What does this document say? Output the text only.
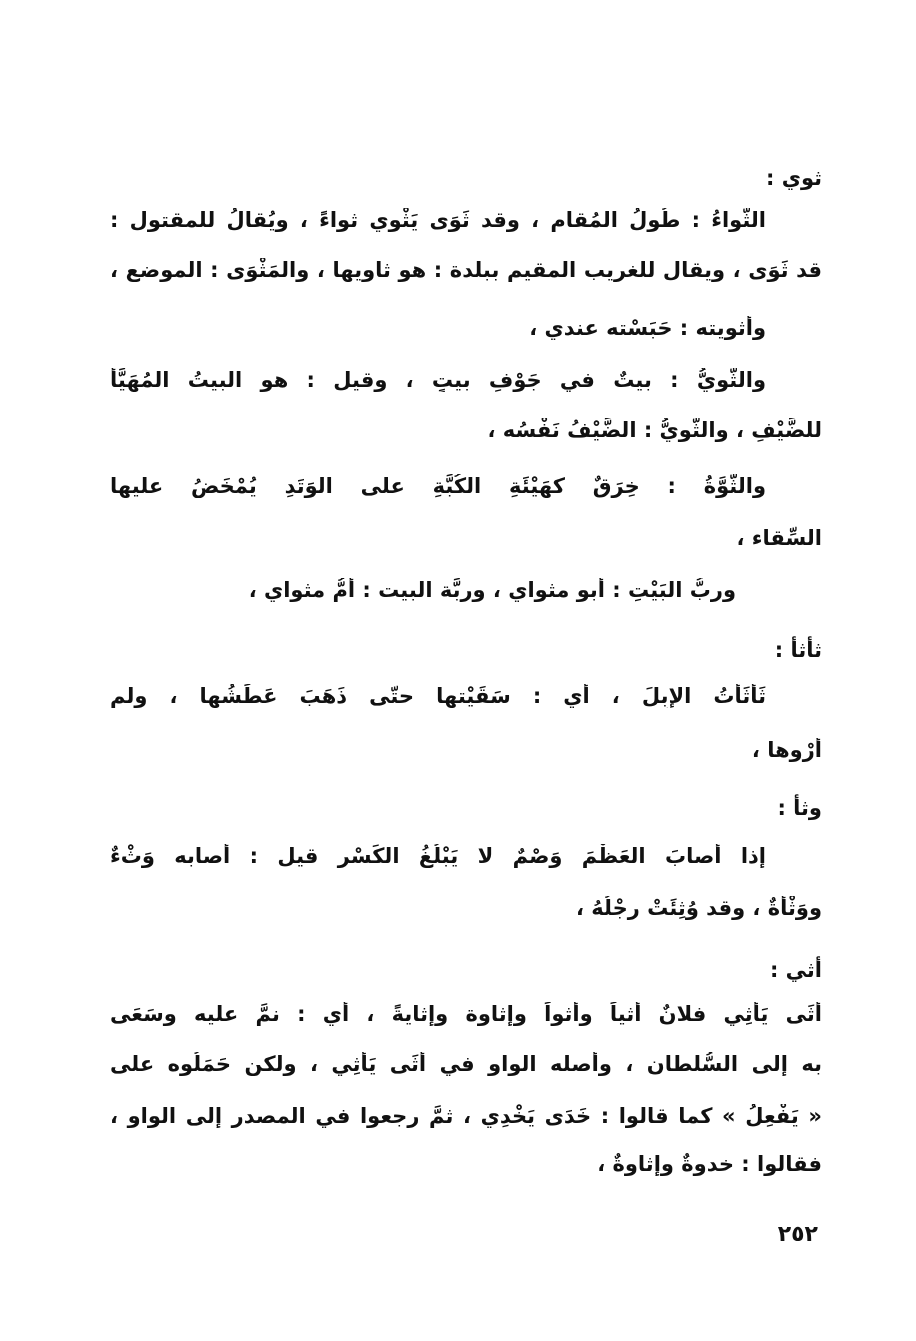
ثوي :
الثَّواءُ : طُولُ المُقام ، وقد ثَوَى يَثْوِي ثواءً ، ويُقالُ للمقتول :
قد ثَوَى ، ويقال للغريب المقيم ببلدة : هو ثاويها ، والمَثْوَى : الموضع ،
وأثويته : حَبَسْته عندي ،
والثَّوِيُّ : بيتٌ في جَوْفِ بيتٍ ، وقيل : هو البيتُ المُهَيَّأُ
للضَّيْفِ ، والثَّوِيُّ : الضَّيْفُ نَفْسُه ،
والثُّوَّةُ : خِرَقٌ كهَيْئَةِ الكُبَّةِ على الوَتَدِ يُمْخَضُ عليها
السِّقاء ،
وربُّ البَيْتِ : أبو مثواي ، وربَّة البيت : أمُّ مثواي ،
ثأثأ :
ثَأْثَأْتُ الإبِلَ ، أي : سَقَيْتها حتّى ذَهَبَ عَطَشُها ، ولم
أُرْوِها ،
وثأ :
إذا أصابَ العَظْمَ وَصْمٌ لا يَبْلُغُ الكَسْر قيل : أصابه وَثْءٌ
ووَثْأَةٌ ، وقد وُثِئَتْ رِجْلُهُ ،
أثي :
أَثَى يَأْثِي فلانٌ أثياً وأثواً وإثاوة وإثايةً ، أي : نمَّ عليه وسَعَى
به إلى السُّلطان ، وأصله الواو في أَثَى يَأْثِي ، ولكن حَمَلُوه على
« يَفْعِلُ » كما قالوا : خَدَى يَخْدِي ، ثمَّ رجعوا في المصدر إلى الواو ،
فقالوا : خدوةٌ وإثاوةٌ ،
٢٥٢
